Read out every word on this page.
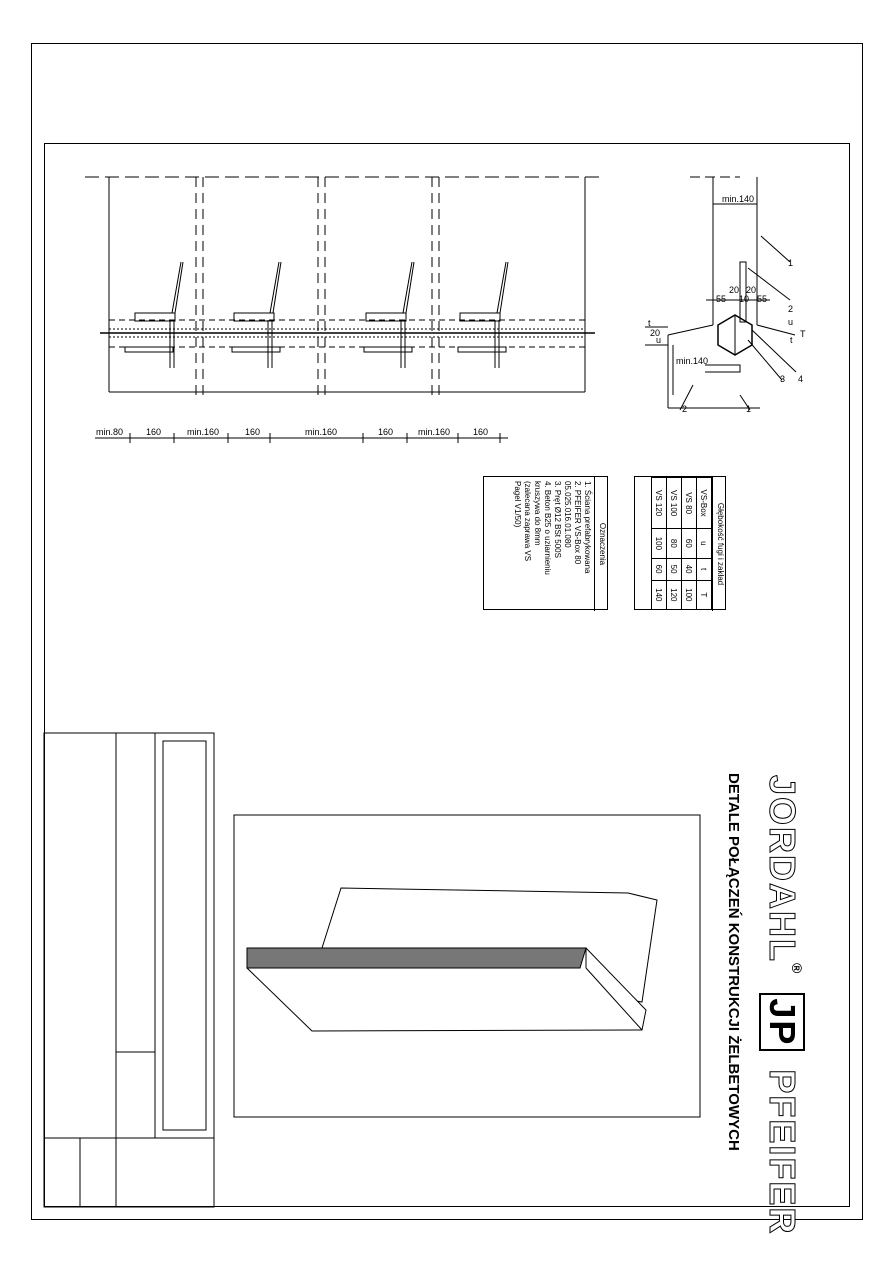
min.80	160	min.160	160	min.160	160	min.160	160
min.140
55
20 20
10 55
u
T
t
20
t
u
min.140
1
2
3 4
2	1
Oznaczenia
1. Ściana prefabrykowana
2. PFEIFER VS-Box 80
05.025.016.01.080
3. Pręt Ø12 BSt 500S
4. Beton B25 o uziarnieniu
kruszywa do 8mm
(zalecana zaprawa VS
Pagel V1/50)	Głębokość fugi i zakład
VS-Box	u	t	T
VS 80	60	40	100
VS 100	80	50	120
VS 120	100	60	140
JORDAHL® JP PFEIFER
DETALE POŁĄCZEŃ KONSTRUKCJI ŻELBETOWYCH
